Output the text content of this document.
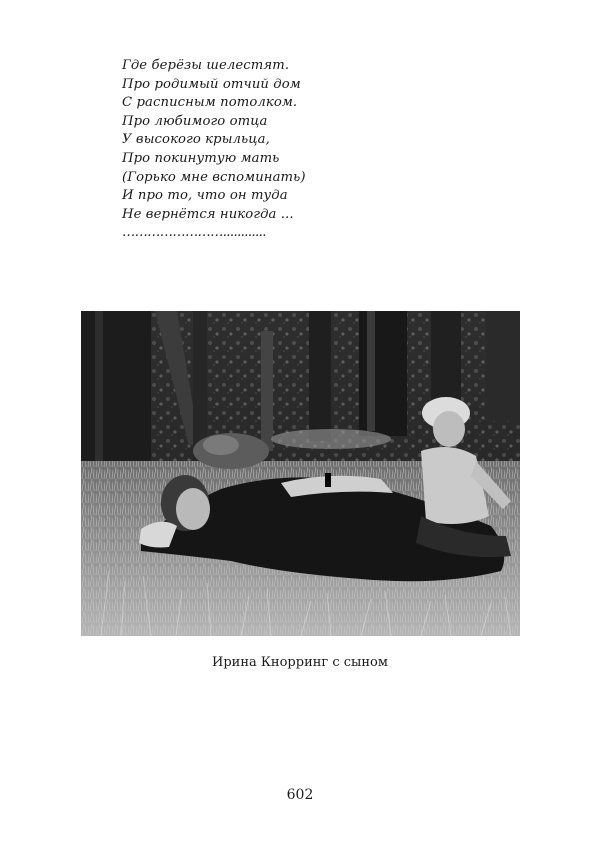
Где берёзы шелестят.
Про родимый отчий дом
С расписным потолком.
Про любимого отца
У высокого крыльца,
Про покинутую мать
(Горько мне вспоминать)
И про то, что он туда
Не вернётся никогда ...
……………………............
Ирина Кнорринг с сыном
602
